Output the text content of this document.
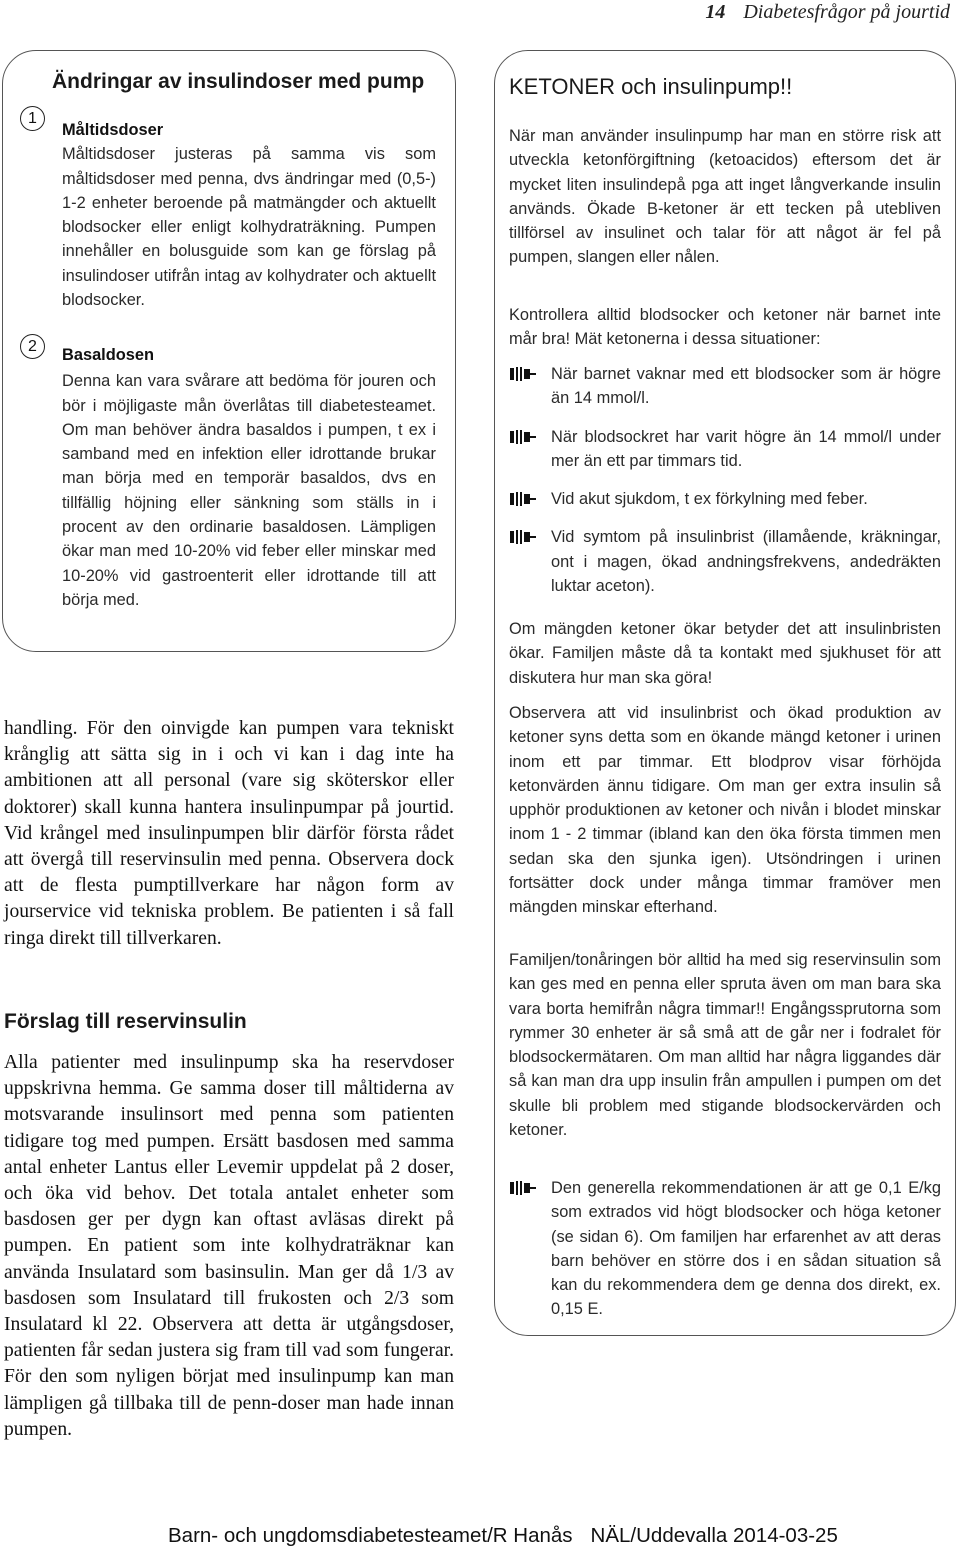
14 Diabetesfrågor på jourtid
Ändringar av insulindoser med pump
1

Måltidsdoser

Måltidsdoser justeras på samma vis som måltidsdoser med penna, dvs ändringar med (0,5-) 1-2 enheter beroende på matmängder och aktuellt blodsocker eller enligt kolhydraträkning. Pumpen innehåller en bolusguide som kan ge förslag på insulindoser utifrån intag av kolhydrater och aktuellt blodsocker.

2	Basaldosen

Denna kan vara svårare att bedöma för jouren och bör i möjligaste mån överlåtas till diabetesteamet. Om man behöver ändra basaldos i pumpen, t ex i samband med en infektion eller idrottande brukar man börja med en temporär basaldos, dvs en tillfällig höjning eller sänkning som ställs in i procent av den ordinarie basaldosen. Lämpligen ökar man med 10-20% vid feber eller minskar med 10-20% vid gastroenterit eller idrottande till att börja med.

handling. För den oinvigde kan pumpen vara tekniskt krånglig att sätta sig in i och vi kan i dag inte ha ambitionen att all personal (vare sig sköterskor eller doktorer) skall kunna hantera insulinpumpar på jourtid. Vid krångel med insulinpumpen blir därför första rådet att övergå till reservinsulin med penna. Observera dock att de flesta pumptillverkare har någon form av jourservice vid tekniska problem. Be patienten i så fall ringa direkt till tillverkaren.

Förslag till reservinsulin

Alla patienter med insulinpump ska ha reservdoser uppskrivna hemma. Ge samma doser till måltiderna av motsvarande insulinsort med penna som patienten tidigare tog med pumpen. Ersätt basdosen med samma antal enheter Lantus eller Levemir uppdelat på 2 doser, och öka vid behov. Det totala antalet enheter som basdosen ger per dygn kan oftast avläsas direkt på pumpen. En patient som inte kolhydraträknar kan använda Insulatard som basinsulin. Man ger då 1/3 av basdosen som Insulatard till frukosten och 2/3 som Insulatard kl 22. Observera att detta är utgångsdoser, patienten får sedan justera sig fram till vad som fungerar. För den som nyligen börjat med insulinpump kan man lämpligen gå tillbaka till de penn-doser man hade innan pumpen.

KETONER och insulinpump!!

När man använder insulinpump har man en större risk att utveckla ketonförgiftning (ketoacidos) eftersom det är mycket liten insulindepå pga att inget långverkande insulin används. Ökade B-ketoner är ett tecken på utebliven tillförsel av insulinet och talar för att något är fel på pumpen, slangen eller nålen.

Kontrollera alltid blodsocker och ketoner när barnet inte mår bra! Mät ketonerna i dessa situationer:

När barnet vaknar med ett blodsocker som är högre än 14 mmol/l.
När blodsockret har varit högre än 14 mmol/l under mer än ett par timmars tid.
Vid akut sjukdom, t ex förkylning med feber.
Vid symtom på insulinbrist (illamående, kräkningar, ont i magen, ökad andningsfrekvens, andedräkten luktar aceton).

Om mängden ketoner ökar betyder det att insulinbristen ökar. Familjen måste då ta kontakt med sjukhuset för att diskutera hur man ska göra!

Observera att vid insulinbrist och ökad produktion av ketoner syns detta som en ökande mängd ketoner i urinen inom ett par timmar. Ett blodprov visar förhöjda ketonvärden ännu tidigare. Om man ger extra insulin så upphör produktionen av ketoner och nivån i blodet minskar inom 1 - 2 timmar (ibland kan den öka första timmen men sedan ska den sjunka igen). Utsöndringen i urinen fortsätter dock under många timmar framöver men mängden minskar efterhand.

Familjen/tonåringen bör alltid ha med sig reservinsulin som kan ges med en penna eller spruta även om man bara ska vara borta hemifrån några timmar!! Engångssprutorna som rymmer 30 enheter är så små att de går ner i fodralet för blodsockermätaren. Om man alltid har några liggandes där så kan man dra upp insulin från ampullen i pumpen om det skulle bli problem med stigande blodsockervärden och ketoner.

Den generella rekommendationen är att ge 0,1 E/kg som extrados vid högt blodsocker och höga ketoner (se sidan 6). Om familjen har erfarenhet av att deras barn behöver en större dos i en sådan situation så kan du rekommendera dem ge denna dos direkt, ex. 0,15 E.
Barn- och ungdomsdiabetesteamet/R Hanås NÄL/Uddevalla 2014-03-25
